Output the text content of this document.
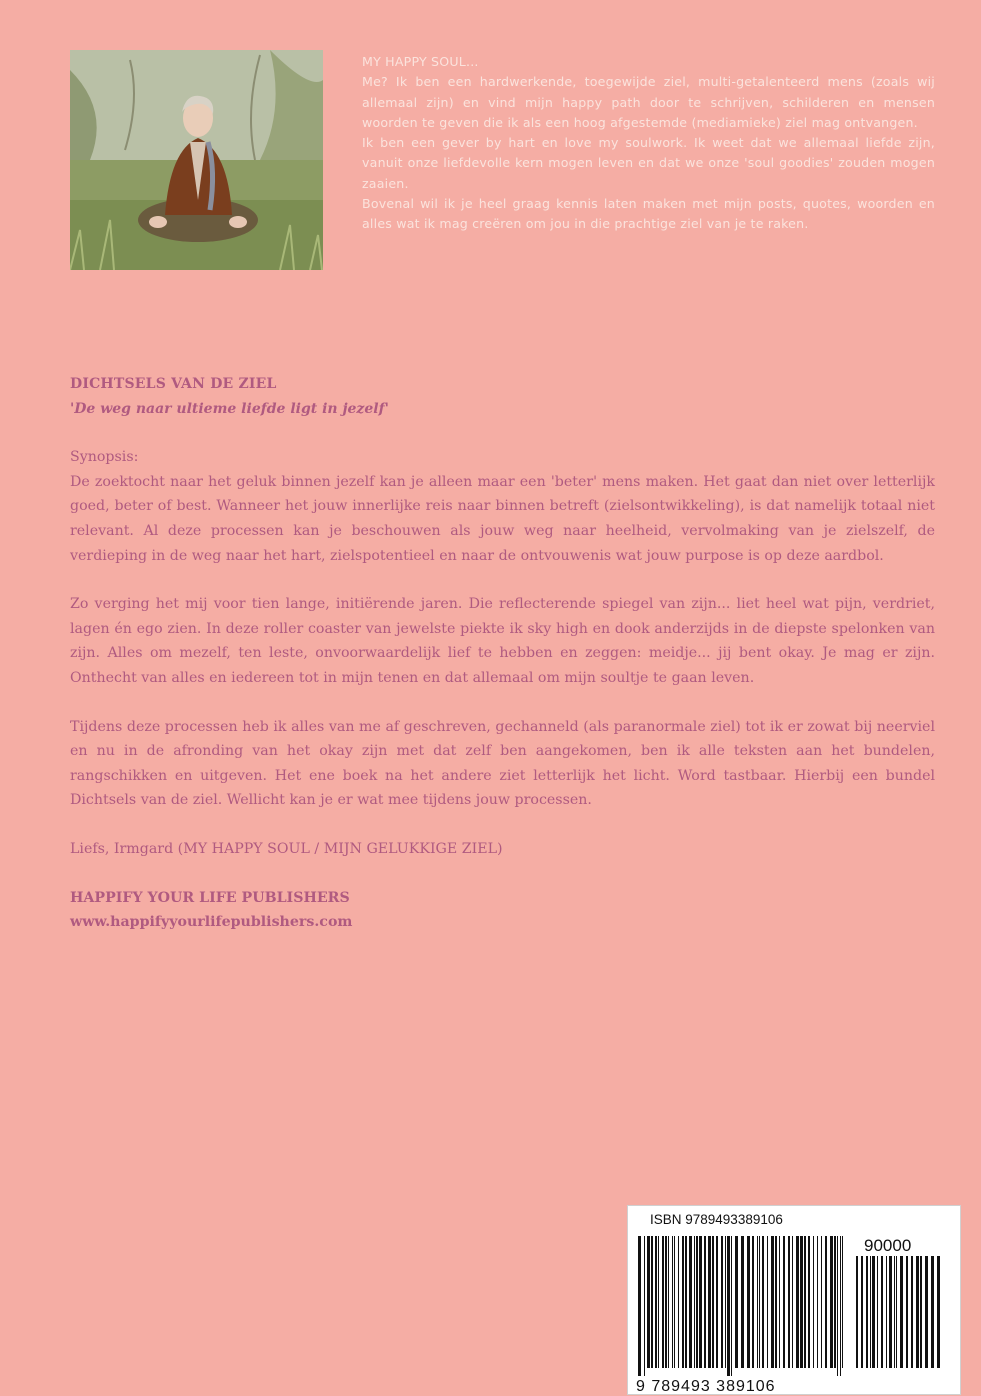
MY HAPPY SOUL...

Me? Ik ben een hardwerkende, toegewijde ziel, multi-getalenteerd mens (zoals wij allemaal zijn) en vind mijn happy path door te schrijven, schilderen en mensen woorden te geven die ik als een hoog afgestemde (mediamieke) ziel mag ontvangen.

Ik ben een gever by hart en love my soulwork. Ik weet dat we allemaal liefde zijn, vanuit onze liefdevolle kern mogen leven en dat we onze 'soul goodies' zouden mogen zaaien.

Bovenal wil ik je heel graag kennis laten maken met mijn posts, quotes, woorden en alles wat ik mag creëren om jou in die prachtige ziel van je te raken.

DICHTSELS VAN DE ZIEL
'De weg naar ultieme liefde ligt in jezelf'
Synopsis:

De zoektocht naar het geluk binnen jezelf kan je alleen maar een 'beter' mens maken. Het gaat dan niet over letterlijk goed, beter of best. Wanneer het jouw innerlijke reis naar binnen betreft (zielsontwikkeling), is dat namelijk totaal niet relevant. Al deze processen kan je beschouwen als jouw weg naar heelheid, vervolmaking van je zielszelf, de verdieping in de weg naar het hart, zielspotentieel en naar de ontvouwenis wat jouw purpose is op deze aardbol.

Zo verging het mij voor tien lange, initiërende jaren. Die reflecterende spiegel van zijn... liet heel wat pijn, verdriet, lagen én ego zien. In deze roller coaster van jewelste piekte ik sky high en dook anderzijds in de diepste spelonken van zijn. Alles om mezelf, ten leste, onvoorwaardelijk lief te hebben en zeggen: meidje... jij bent okay. Je mag er zijn. Onthecht van alles en iedereen tot in mijn tenen en dat allemaal om mijn soultje te gaan leven.

Tijdens deze processen heb ik alles van me af geschreven, gechanneld (als paranormale ziel) tot ik er zowat bij neerviel en nu in de afronding van het okay zijn met dat zelf ben aangekomen, ben ik alle teksten aan het bundelen, rangschikken en uitgeven. Het ene boek na het andere ziet letterlijk het licht. Word tastbaar. Hierbij een bundel Dichtsels van de ziel. Wellicht kan je er wat mee tijdens jouw processen.

Liefs, Irmgard (MY HAPPY SOUL / MIJN GELUKKIGE ZIEL)
HAPPIFY YOUR LIFE PUBLISHERS
www.happifyyourlifepublishers.com
ISBN 9789493389106
90000
9 789493 389106
